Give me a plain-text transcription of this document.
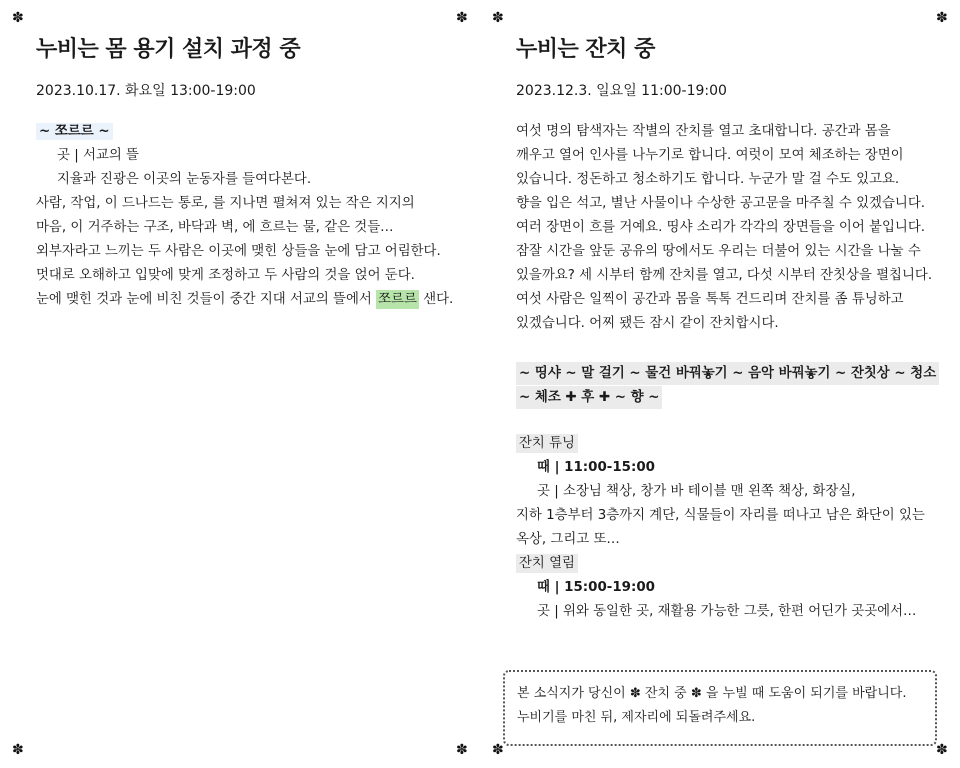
✽	✽ ✽	✽
✽	✽ ✽	✽
누비는 몸 용기 설치 과정 중
2023.10.17. 화요일 13:00-19:00
~ 쪼르르 ~
곳 | 서교의 뜰
지율과 진광은 이곳의 눈동자를 들여다본다.
사람, 작업, 이 드나드는 통로, 를 지나면 펼쳐져 있는 작은 지지의
마음, 이 거주하는 구조, 바닥과 벽, 에 흐르는 물, 같은 것들…
외부자라고 느끼는 두 사람은 이곳에 맺힌 상들을 눈에 담고 어림한다.
멋대로 오해하고 입맞에 맞게 조정하고 두 사람의 것을 얹어 둔다.
눈에 맺힌 것과 눈에 비친 것들이 중간 지대 서교의 뜰에서 쪼르르 샌다.
누비는 잔치 중
2023.12.3. 일요일 11:00-19:00
여섯 명의 탐색자는 작별의 잔치를 열고 초대합니다. 공간과 몸을
깨우고 열어 인사를 나누기로 합니다. 여럿이 모여 체조하는 장면이
있습니다. 정돈하고 청소하기도 합니다. 누군가 말 걸 수도 있고요.
향을 입은 석고, 별난 사물이나 수상한 공고문을 마주칠 수 있겠습니다.
여러 장면이 흐를 거예요. 띵샤 소리가 각각의 장면들을 이어 붙입니다.
잠잘 시간을 앞둔 공유의 땅에서도 우리는 더불어 있는 시간을 나눌 수
있을까요? 세 시부터 함께 잔치를 열고, 다섯 시부터 잔칫상을 펼칩니다.
여섯 사람은 일찍이 공간과 몸을 톡톡 건드리며 잔치를 좀 튜닝하고
있겠습니다. 어찌 됐든 잠시 같이 잔치합시다.
~ 띵샤 ~ 말 걸기 ~ 물건 바꿔놓기 ~ 음악 바꿔놓기 ~ 잔칫상 ~ 청소
~ 체조 ✚ 후 ✚ ~ 향 ~
잔치 튜닝
때 | 11:00-15:00
곳 | 소장님 책상, 창가 바 테이블 맨 왼쪽 책상, 화장실,
지하 1층부터 3층까지 계단, 식물들이 자리를 떠나고 남은 화단이 있는
옥상, 그리고 또…
잔치 열림
때 | 15:00-19:00
곳 | 위와 동일한 곳, 재활용 가능한 그릇, 한편 어딘가 곳곳에서…
본 소식지가 당신이 ✽ 잔치 중 ✽ 을 누빌 때 도움이 되기를 바랍니다.
누비기를 마친 뒤, 제자리에 되돌려주세요.
